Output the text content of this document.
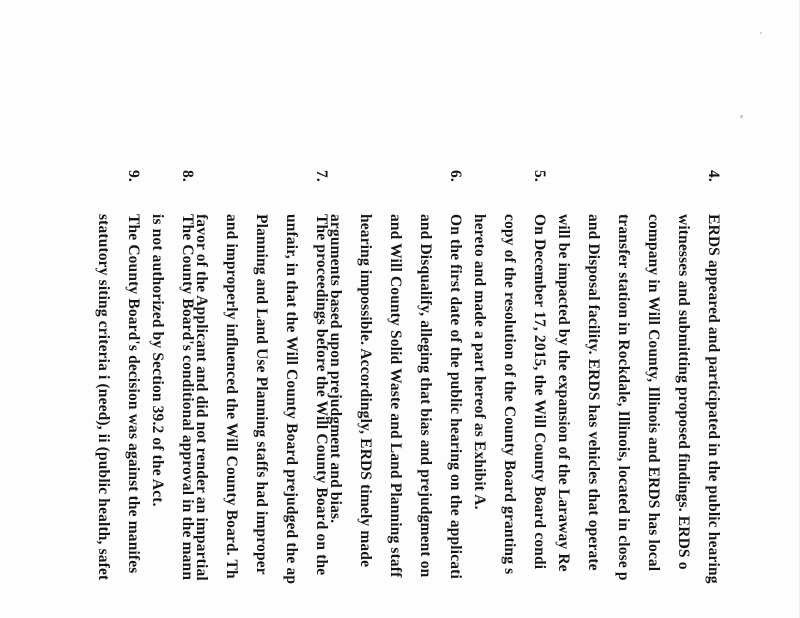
4.ERDS appeared and participated in the public hearing
witnesses and submitting proposed findings. ERDS o
company in Will County, Illinois and ERDS has local
transfer station in Rockdale, Illinois, located in close p
and Disposal facility. ERDS has vehicles that operate
will be impacted by the expansion of the Laraway Re
5.On December 17, 2015, the Will County Board condi
copy of the resolution of the County Board granting s
hereto and made a part hereof as Exhibit A.
6.On the first date of the public hearing on the applicati
and Disqualify, alleging that bias and prejudgment on
and Will County Solid Waste and Land Planning staff
hearing impossible. Accordingly, ERDS timely made
arguments based upon prejudgment and bias.
7.The proceedings before the Will County Board on the
unfair, in that the Will County Board prejudged the ap
Planning and Land Use Planning staffs had improper
and improperly influenced the Will County Board. Th
favor of the Applicant and did not render an impartial
8.The County Board's conditional approval in the mann
is not authorized by Section 39.2 of the Act.
9.The County Board's decision was against the manifes
statutory siting criteria i (need), ii (public health, safet
